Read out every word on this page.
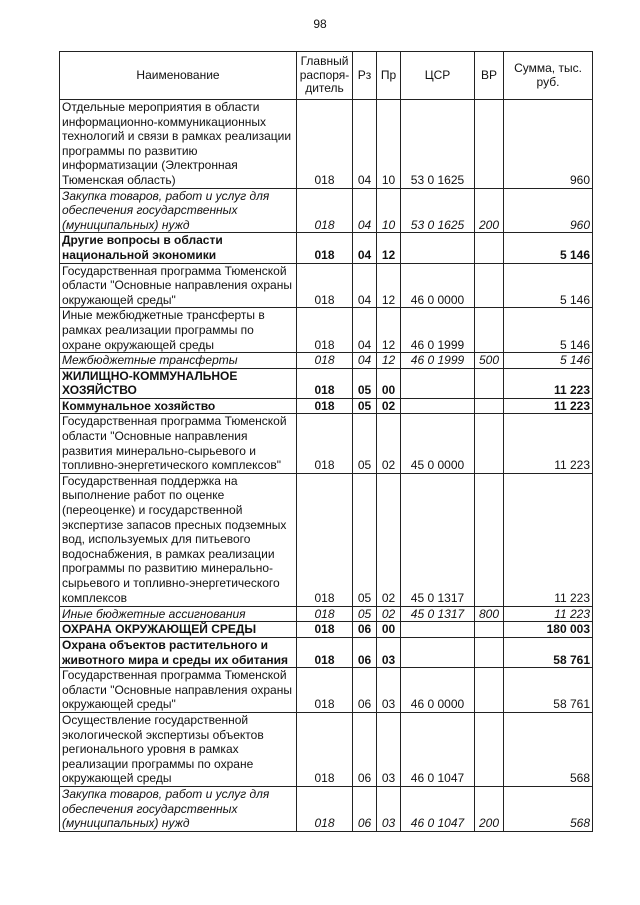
98
Наименование	Главный распоря-дитель	Рз	Пр	ЦСР	ВР	Сумма, тыс. руб.

Отдельные мероприятия в области информационно-коммуникационных технологий и связи в рамках реализации программы по развитию информатизации (Электронная Тюменская область)	018	04	10	53 0 1625		960

Закупка товаров, работ и услуг для обеспечения государственных (муниципальных) нужд	018	04	10	53 0 1625	200	960

Другие вопросы в области национальной экономики	018	04	12			5 146

Государственная программа Тюменской области "Основные направления охраны окружающей среды"	018	04	12	46 0 0000		5 146

Иные межбюджетные трансферты в рамках реализации программы по охране окружающей среды	018	04	12	46 0 1999		5 146

Межбюджетные трансферты	018	04	12	46 0 1999	500	5 146

ЖИЛИЩНО-КОММУНАЛЬНОЕ ХОЗЯЙСТВО	018	05	00			11 223

Коммунальное хозяйство	018	05	02			11 223

Государственная программа Тюменской области "Основные направления развития минерально-сырьевого и топливно-энергетического комплексов"	018	05	02	45 0 0000		11 223

Государственная поддержка на выполнение работ по оценке (переоценке) и государственной экспертизе запасов пресных подземных вод, используемых для питьевого водоснабжения, в рамках реализации программы по развитию минерально-сырьевого и топливно-энергетического комплексов	018	05	02	45 0 1317		11 223

Иные бюджетные ассигнования	018	05	02	45 0 1317	800	11 223

ОХРАНА ОКРУЖАЮЩЕЙ СРЕДЫ	018	06	00			180 003

Охрана объектов растительного и животного мира и среды их обитания	018	06	03			58 761

Государственная программа Тюменской области "Основные направления охраны окружающей среды"	018	06	03	46 0 0000		58 761

Осуществление государственной экологической экспертизы объектов регионального уровня в рамках реализации программы по охране окружающей среды	018	06	03	46 0 1047		568

Закупка товаров, работ и услуг для обеспечения государственных (муниципальных) нужд	018	06	03	46 0 1047	200	568
